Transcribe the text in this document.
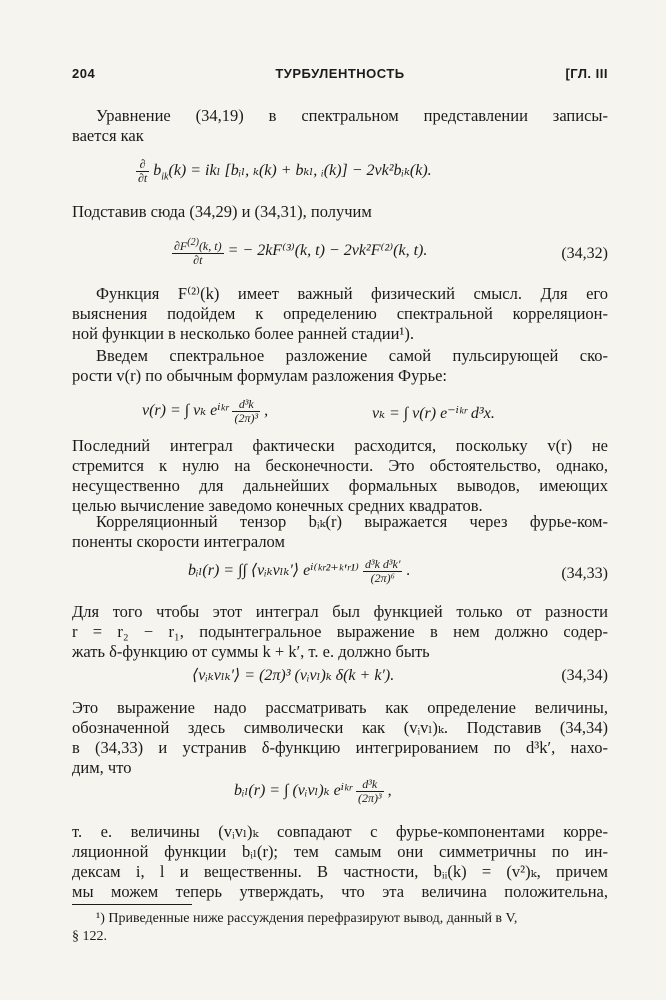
204	ТУРБУЛЕНТНОСТЬ	[ГЛ. III
Уравнение (34,19) в спектральном представлении записы-
вается как
$\frac{\partial}{\partial t} b_{ik}(k) = ik_l$ [bᵢₗ, ₖ(k) + bₖₗ, ᵢ(k)] − 2νk²bᵢₖ(k).
Подставив сюда (34,29) и (34,31), получим
$\frac{\partial F^{(2)}(k, t)}{\partial t}$ = − 2kF⁽³⁾(k, t) − 2νk²F⁽²⁾(k, t).	(34,32)
Функция F⁽²⁾(k) имеет важный физический смысл. Для его
выяснения подойдем к определению спектральной корреляцион-
ной функции в несколько более ранней стадии¹).
Введем спектральное разложение самой пульсирующей ско-
рости v(r) по обычным формулам разложения Фурье:
v(r) = ∫ vₖ eⁱᵏʳ $\frac{\text{d³k}}{\text{(2π)³}}$ ,	vₖ = ∫ v(r) e⁻ⁱᵏʳ d³x.
Последний интеграл фактически расходится, поскольку v(r) не
стремится к нулю на бесконечности. Это обстоятельство, однако,
несущественно для дальнейших формальных выводов, имеющих
целью вычисление заведомо конечных средних квадратов.
Корреляционный тензор bᵢₖ(r) выражается через фурье-ком-
поненты скорости интегралом
bᵢₗ(r) = ∫∫ ⟨vᵢₖvₗₖ′⟩ eⁱ⁽ᵏʳ²⁺ᵏ′ʳ¹⁾ $\frac{\text{d³k d³k′}}{\text{(2π)⁶}}$ .	(34,33)
Для того чтобы этот интеграл был функцией только от разности
r = r₂ − r₁, подынтегральное выражение в нем должно содер-
жать δ-функцию от суммы k + k′, т. е. должно быть
⟨vᵢₖvₗₖ′⟩ = (2π)³ (vᵢvₗ)ₖ δ(k + k′).	(34,34)
Это выражение надо рассматривать как определение величины,
обозначенной здесь символически как (vᵢvₗ)ₖ. Подставив (34,34)
в (34,33) и устранив δ-функцию интегрированием по d³k′, нахо-
дим, что
bᵢₗ(r) = ∫ (vᵢvₗ)ₖ eⁱᵏʳ $\frac{\text{d³k}}{\text{(2π)³}}$ ,
т. е. величины (vᵢvₗ)ₖ совпадают с фурье-компонентами корре-
ляционной функции bᵢₗ(r); тем самым они симметричны по ин-
дексам i, l и вещественны. В частности, bᵢᵢ(k) = (v²)ₖ, причем
мы можем теперь утверждать, что эта величина положительна,
¹) Приведенные ниже рассуждения перефразируют вывод, данный в V,
§ 122.
